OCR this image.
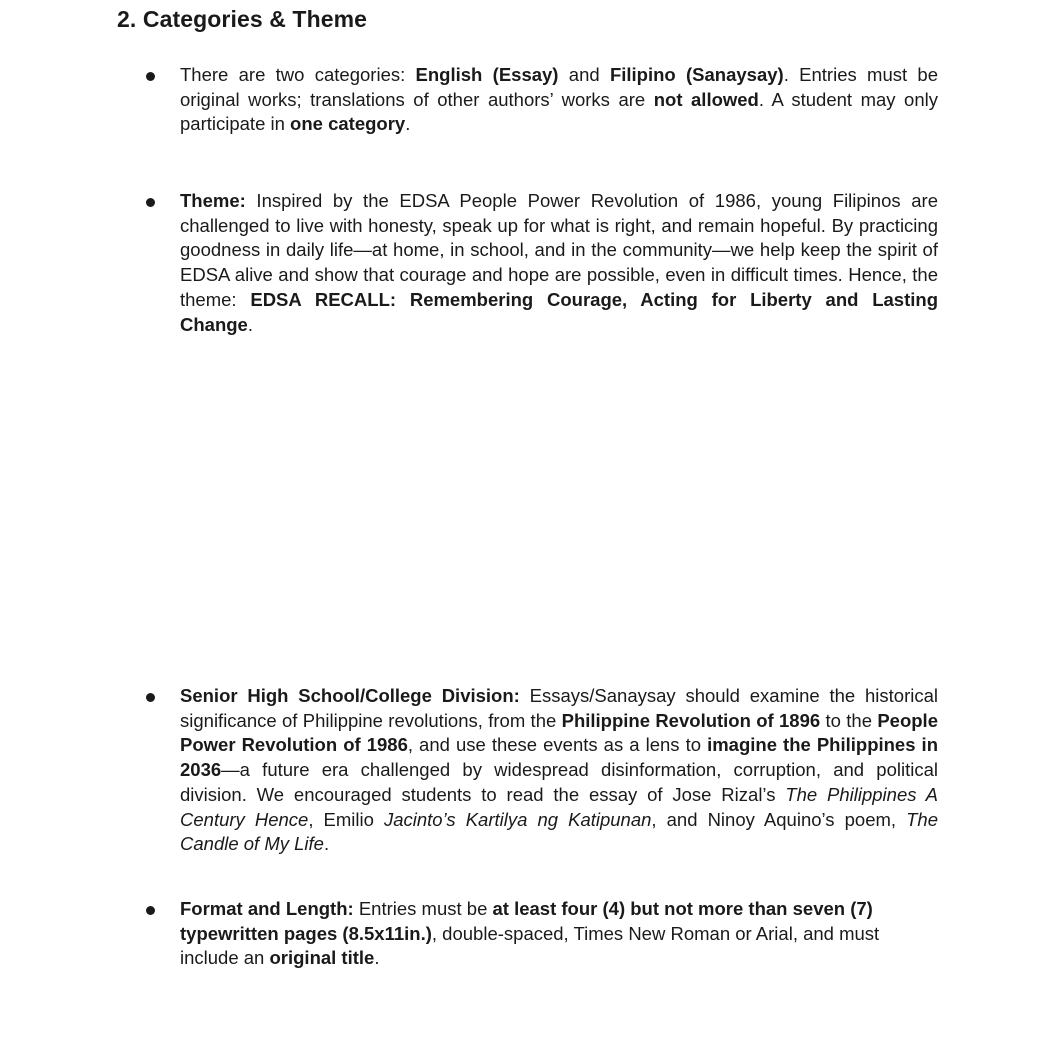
2. Categories & Theme
There are two categories: English (Essay) and Filipino (Sanaysay). Entries must be original works; translations of other authors’ works are not allowed. A student may only participate in one category.
Theme: Inspired by the EDSA People Power Revolution of 1986, young Filipinos are challenged to live with honesty, speak up for what is right, and remain hopeful. By practicing goodness in daily life—at home, in school, and in the community—we help keep the spirit of EDSA alive and show that courage and hope are possible, even in difficult times. Hence, the theme: EDSA RECALL: Remembering Courage, Acting for Liberty and Lasting Change.
Senior High School/College Division: Essays/Sanaysay should examine the historical significance of Philippine revolutions, from the Philippine Revolution of 1896 to the People Power Revolution of 1986, and use these events as a lens to imagine the Philippines in 2036—a future era challenged by widespread disinformation, corruption, and political division. We encouraged students to read the essay of Jose Rizal’s The Philippines A Century Hence, Emilio Jacinto’s Kartilya ng Katipunan, and Ninoy Aquino’s poem, The Candle of My Life.
Format and Length: Entries must be at least four (4) but not more than seven (7) typewritten pages (8.5x11in.), double-spaced, Times New Roman or Arial, and must include an original title.
